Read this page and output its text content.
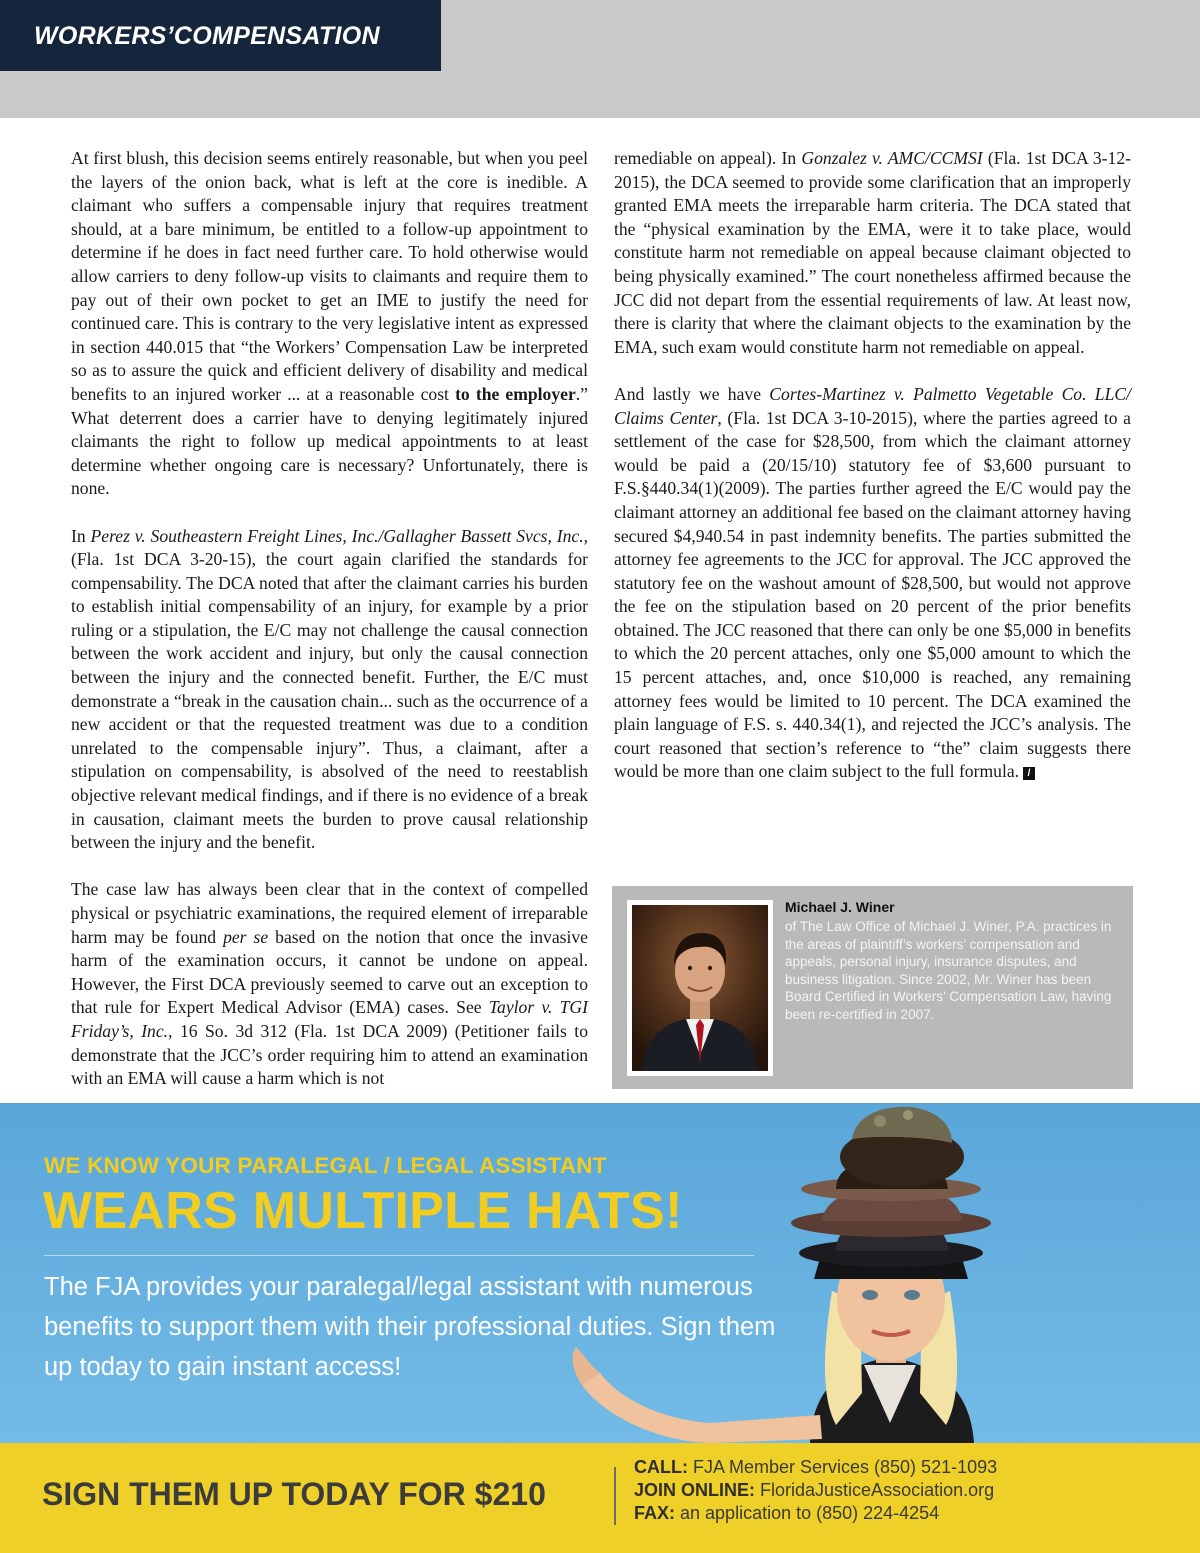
WORKERS’COMPENSATION

At first blush, this decision seems entirely reasonable, but when you peel the layers of the onion back, what is left at the core is inedible. A claimant who suffers a compensable injury that requires treatment should, at a bare minimum, be entitled to a follow-up appointment to determine if he does in fact need further care. To hold otherwise would allow carriers to deny follow-up visits to claimants and require them to pay out of their own pocket to get an IME to justify the need for continued care. This is contrary to the very legislative intent as expressed in section 440.015 that “the Workers’ Compensation Law be interpreted so as to assure the quick and efficient delivery of disability and medical benefits to an injured worker ... at a reasonable cost to the employer.” What deterrent does a carrier have to denying legitimately injured claimants the right to follow up medical appointments to at least determine whether ongoing care is necessary? Unfortunately, there is none.

In Perez v. Southeastern Freight Lines, Inc./Gallagher Bassett Svcs, Inc., (Fla. 1st DCA 3-20-15), the court again clarified the standards for compensability. The DCA noted that after the claimant carries his burden to establish initial compensability of an injury, for example by a prior ruling or a stipulation, the E/C may not challenge the causal connection between the work accident and injury, but only the causal connection between the injury and the connected benefit. Further, the E/C must demonstrate a “break in the causation chain... such as the occurrence of a new accident or that the requested treatment was due to a condition unrelated to the compensable injury”. Thus, a claimant, after a stipulation on compensability, is absolved of the need to reestablish objective relevant medical findings, and if there is no evidence of a break in causation, claimant meets the burden to prove causal relationship between the injury and the benefit.

The case law has always been clear that in the context of compelled physical or psychiatric examinations, the required element of irreparable harm may be found per se based on the notion that once the invasive harm of the examination occurs, it cannot be undone on appeal. However, the First DCA previously seemed to carve out an exception to that rule for Expert Medical Advisor (EMA) cases. See Taylor v. TGI Friday’s, Inc., 16 So. 3d 312 (Fla. 1st DCA 2009) (Petitioner fails to demonstrate that the JCC’s order requiring him to attend an examination with an EMA will cause a harm which is not

remediable on appeal). In Gonzalez v. AMC/CCMSI (Fla. 1st DCA 3-12-2015), the DCA seemed to provide some clarification that an improperly granted EMA meets the irreparable harm criteria. The DCA stated that the “physical examination by the EMA, were it to take place, would constitute harm not remediable on appeal because claimant objected to being physically examined.” The court nonetheless affirmed because the JCC did not depart from the essential requirements of law. At least now, there is clarity that where the claimant objects to the examination by the EMA, such exam would constitute harm not remediable on appeal.

And lastly we have Cortes-Martinez v. Palmetto Vegetable Co. LLC/ Claims Center, (Fla. 1st DCA 3-10-2015), where the parties agreed to a settlement of the case for $28,500, from which the claimant attorney would be paid a (20/15/10) statutory fee of $3,600 pursuant to F.S.§440.34(1)(2009). The parties further agreed the E/C would pay the claimant attorney an additional fee based on the claimant attorney having secured $4,940.54 in past indemnity benefits. The parties submitted the attorney fee agreements to the JCC for approval. The JCC approved the statutory fee on the washout amount of $28,500, but would not approve the fee on the stipulation based on 20 percent of the prior benefits obtained. The JCC reasoned that there can only be one $5,000 in benefits to which the 20 percent attaches, only one $5,000 amount to which the 15 percent attaches, and, once $10,000 is reached, any remaining attorney fees would be limited to 10 percent. The DCA examined the plain language of F.S. s. 440.34(1), and rejected the JCC’s analysis. The court reasoned that section’s reference to “the” claim suggests there would be more than one claim subject to the full formula. /

Michael J. Winer

of The Law Office of Michael J. Winer, P.A. practices in the areas of plaintiff’s workers’ compensation and appeals, personal injury, insurance disputes, and business litigation. Since 2002, Mr. Winer has been Board Certified in Workers’ Compensation Law, having been re-certified in 2007.

WE KNOW YOUR PARALEGAL / LEGAL ASSISTANT

WEARS MULTIPLE HATS!

The FJA provides your paralegal/legal assistant with numerous benefits to support them with their professional duties. Sign them up today to gain instant access!

SIGN THEM UP TODAY FOR $210

CALL: FJA Member Services (850) 521-1093

JOIN ONLINE: FloridaJusticeAssociation.org

FAX: an application to (850) 224-4254
